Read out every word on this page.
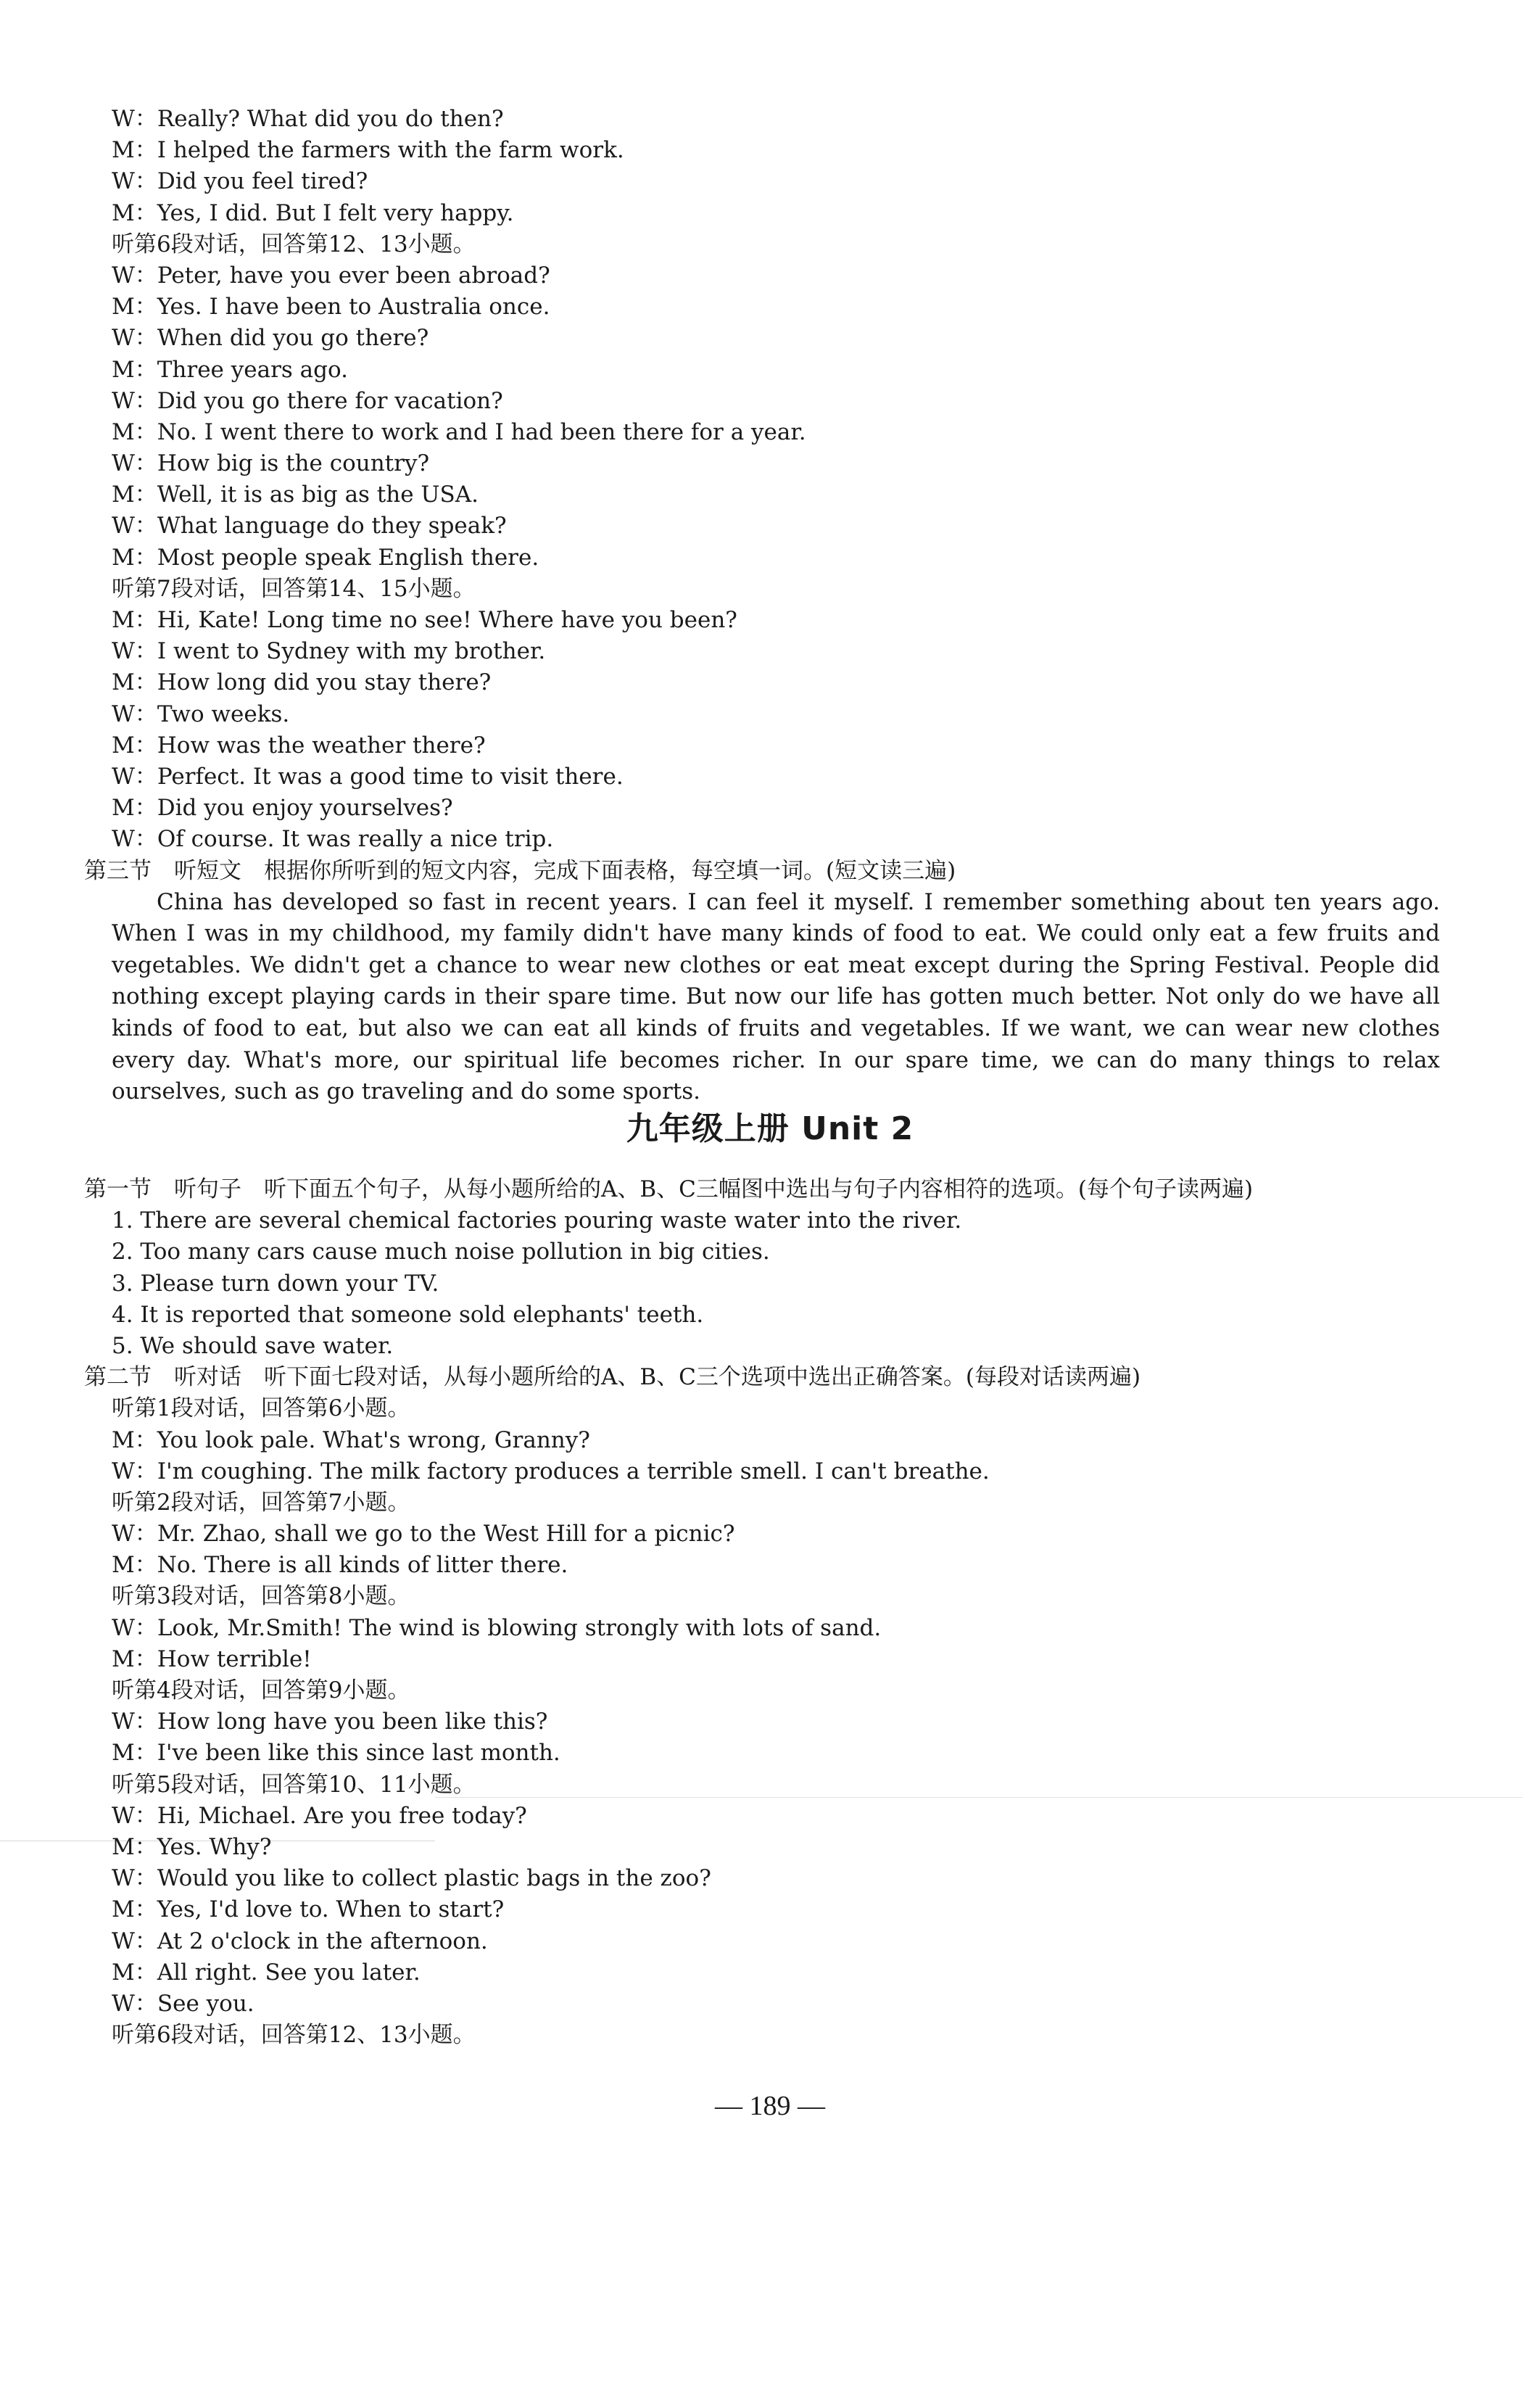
W：Really? What did you do then?

M：I helped the farmers with the farm work.

W：Did you feel tired?

M：Yes, I did. But I felt very happy.

听第6段对话，回答第12、13小题。

W：Peter, have you ever been abroad?

M：Yes. I have been to Australia once.

W：When did you go there?

M：Three years ago.

W：Did you go there for vacation?

M：No. I went there to work and I had been there for a year.

W：How big is the country?

M：Well, it is as big as the USA.

W：What language do they speak?

M：Most people speak English there.

听第7段对话，回答第14、15小题。

M：Hi, Kate! Long time no see! Where have you been?

W：I went to Sydney with my brother.

M：How long did you stay there?

W：Two weeks.

M：How was the weather there?

W：Perfect. It was a good time to visit there.

M：Did you enjoy yourselves?

W：Of course. It was really a nice trip.

第三节　听短文　根据你所听到的短文内容，完成下面表格，每空填一词。(短文读三遍)

China has developed so fast in recent years. I can feel it myself. I remember something about ten years ago. When I was in my childhood, my family didn't have many kinds of food to eat. We could only eat a few fruits and vegetables. We didn't get a chance to wear new clothes or eat meat except during the Spring Festival. People did nothing except playing cards in their spare time. But now our life has gotten much better. Not only do we have all kinds of food to eat, but also we can eat all kinds of fruits and vegetables. If we want, we can wear new clothes every day. What's more, our spiritual life becomes richer. In our spare time, we can do many things to relax ourselves, such as go traveling and do some sports.

九年级上册 Unit 2

第一节　听句子　听下面五个句子，从每小题所给的A、B、C三幅图中选出与句子内容相符的选项。(每个句子读两遍)

1. There are several chemical factories pouring waste water into the river.

2. Too many cars cause much noise pollution in big cities.

3. Please turn down your TV.

4. It is reported that someone sold elephants' teeth.

5. We should save water.

第二节　听对话　听下面七段对话，从每小题所给的A、B、C三个选项中选出正确答案。(每段对话读两遍)

听第1段对话，回答第6小题。

M：You look pale. What's wrong, Granny?

W：I'm coughing. The milk factory produces a terrible smell. I can't breathe.

听第2段对话，回答第7小题。

W：Mr. Zhao, shall we go to the West Hill for a picnic?

M：No. There is all kinds of litter there.

听第3段对话，回答第8小题。

W：Look, Mr.Smith! The wind is blowing strongly with lots of sand.

M：How terrible!

听第4段对话，回答第9小题。

W：How long have you been like this?

M：I've been like this since last month.

听第5段对话，回答第10、11小题。

W：Hi, Michael. Are you free today?

M：Yes. Why?

W：Would you like to collect plastic bags in the zoo?

M：Yes, I'd love to. When to start?

W：At 2 o'clock in the afternoon.

M：All right. See you later.

W：See you.

听第6段对话，回答第12、13小题。

— 189 —
